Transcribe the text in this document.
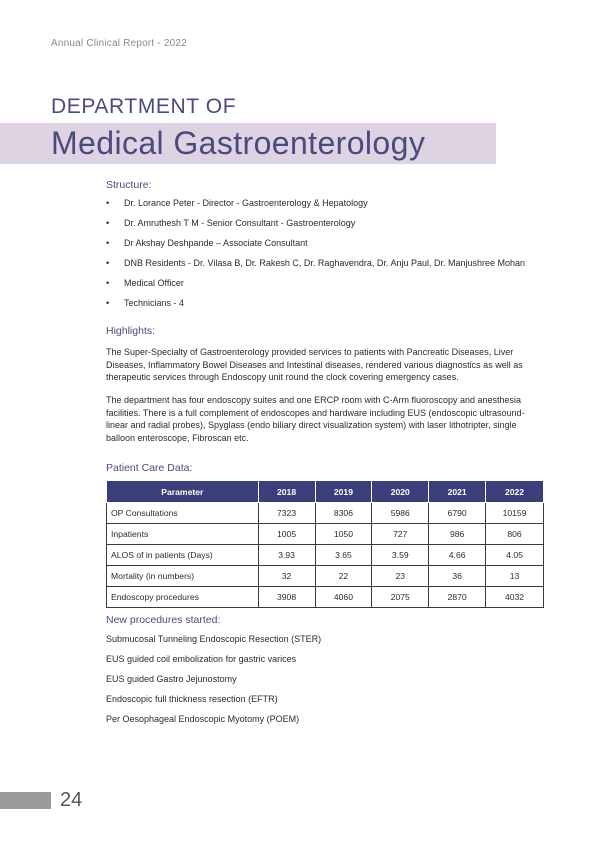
Annual Clinical Report - 2022
DEPARTMENT OF
Medical Gastroenterology
Structure:
• Dr. Lorance Peter - Director - Gastroenterology & Hepatology
• Dr. Amruthesh T M - Senior Consultant - Gastroenterology
• Dr Akshay Deshpande – Associate Consultant
• DNB Residents - Dr. Vilasa B, Dr. Rakesh C, Dr. Raghavendra, Dr. Anju Paul, Dr. Manjushree Mohan
• Medical Officer
• Technicians - 4
Highlights:

The Super-Specialty of Gastroenterology provided services to patients with Pancreatic Diseases, Liver Diseases, Inflammatory Bowel Diseases and Intestinal diseases, rendered various diagnostics as well as therapeutic services through Endoscopy unit round the clock covering emergency cases.

The department has four endoscopy suites and one ERCP room with C-Arm fluoroscopy and anesthesia facilities. There is a full complement of endoscopes and hardware including EUS (endoscopic ultrasound- linear and radial probes), Spyglass (endo biliary direct visualization system) with laser lithotripter, single balloon enteroscope, Fibroscan etc.

Patient Care Data:
Parameter	2018	2019	2020	2021	2022
OP Consultations	7323	8306	5986	6790	10159
Inpatients	1005	1050	727	986	806
ALOS of in patients (Days)	3.93	3.65	3.59	4.66	4.05
Mortality (in numbers)	32	22	23	36	13
Endoscopy procedures	3908	4060	2075	2870	4032
New procedures started:
Submucosal Tunneling Endoscopic Resection (STER)
EUS guided coil embolization for gastric varices
EUS guided Gastro Jejunostomy
Endoscopic full thickness resection (EFTR)
Per Oesophageal Endoscopic Myotomy (POEM)
24
